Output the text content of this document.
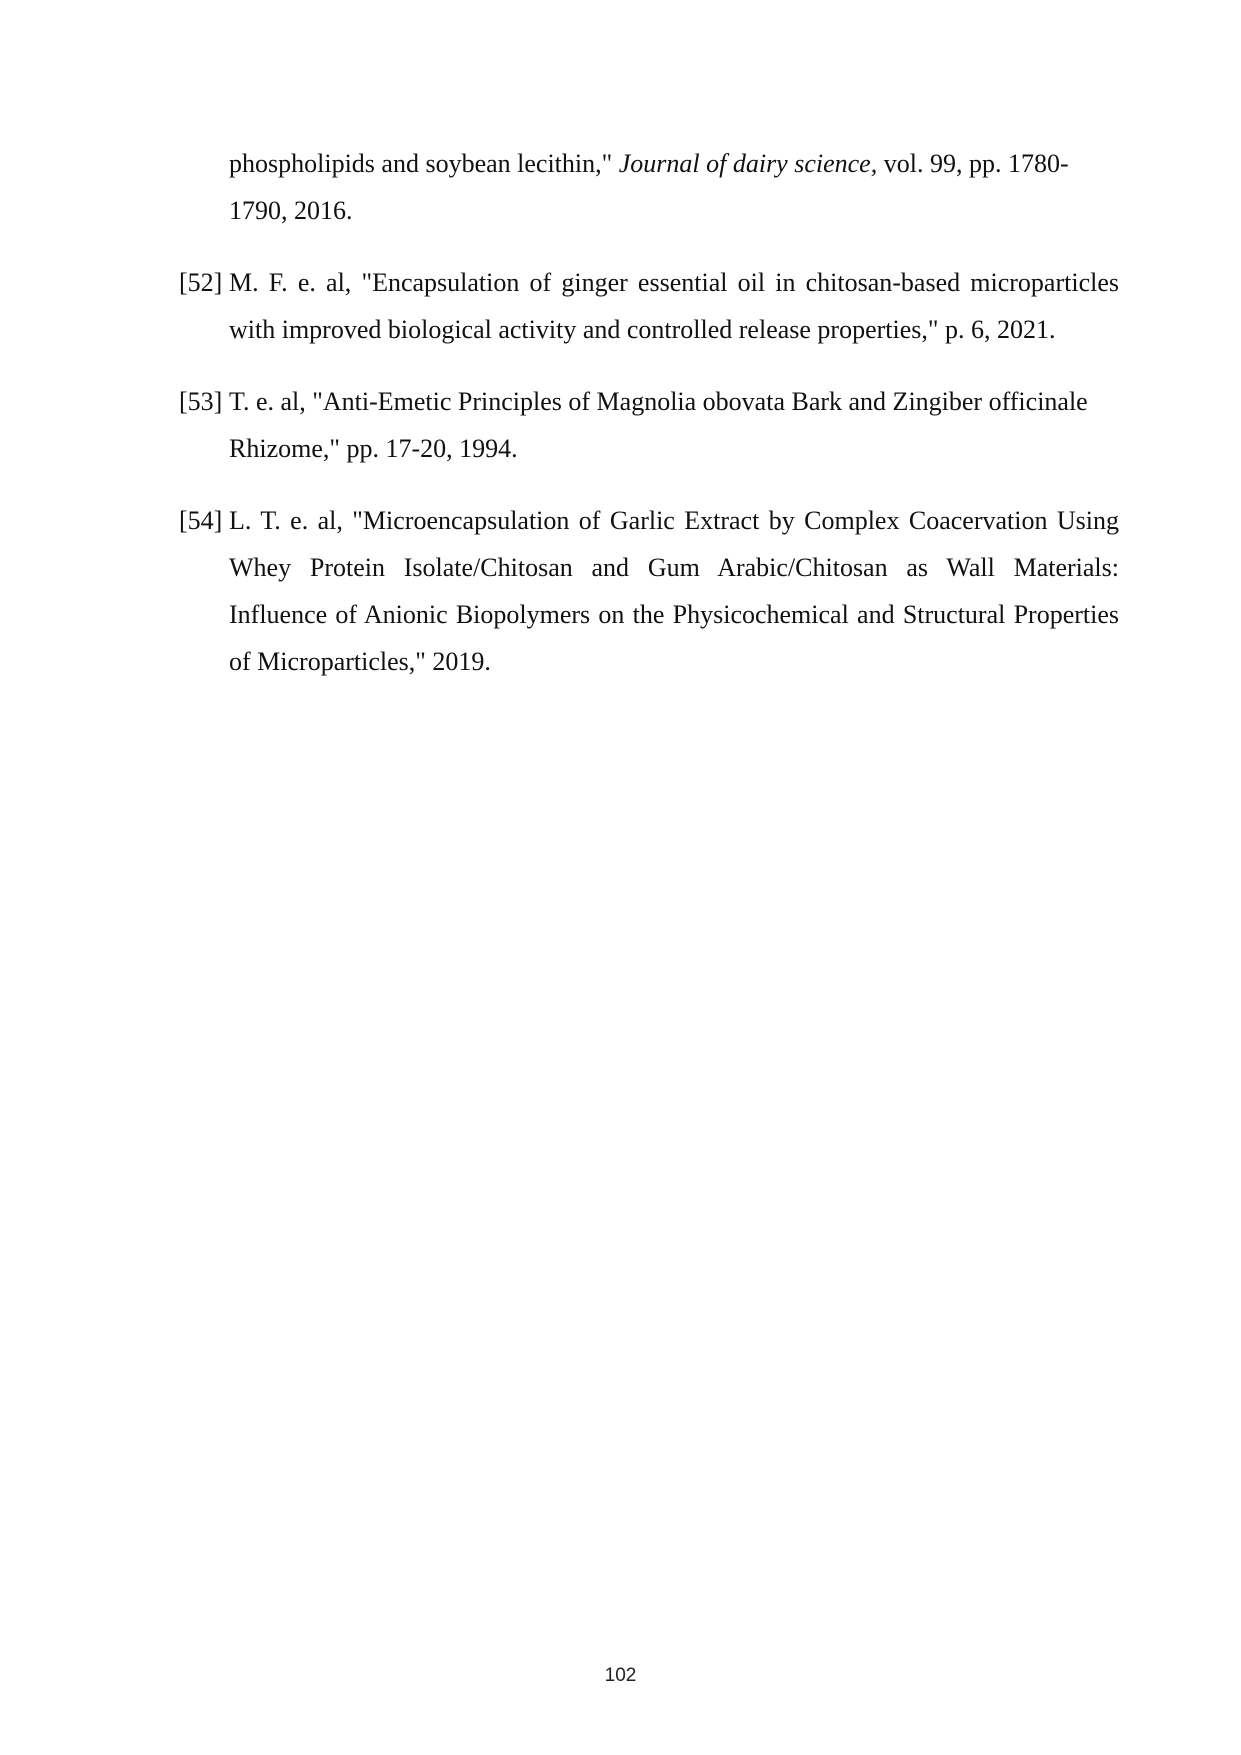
phospholipids and soybean lecithin," Journal of dairy science, vol. 99, pp. 1780-1790, 2016.
[52] M. F. e. al, "Encapsulation of ginger essential oil in chitosan-based microparticles with improved biological activity and controlled release properties," p. 6, 2021.
[53] T. e. al, "Anti-Emetic Principles of Magnolia obovata Bark and Zingiber officinale Rhizome," pp. 17-20, 1994.
[54] L. T. e. al, "Microencapsulation of Garlic Extract by Complex Coacervation Using Whey Protein Isolate/Chitosan and Gum Arabic/Chitosan as Wall Materials: Influence of Anionic Biopolymers on the Physicochemical and Structural Properties of Microparticles," 2019.
102
